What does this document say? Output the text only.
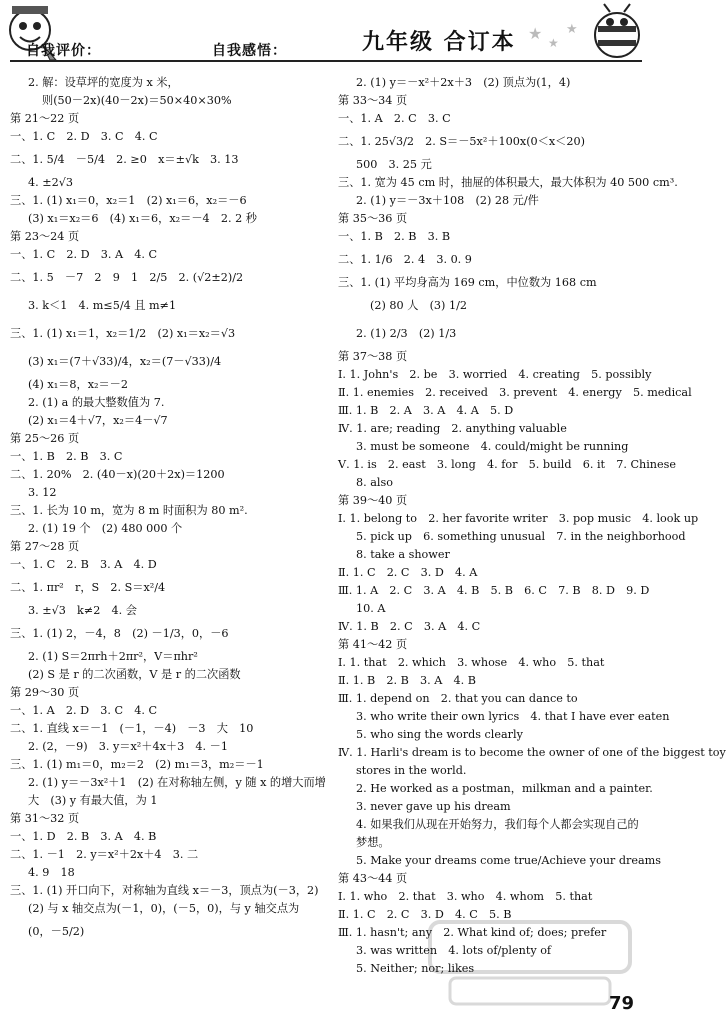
自我评价：	自我感悟：	九年级 合订本 ★ ★
★
2. 解：设草坪的宽度为 x 米，
则(50－2x)(40－2x)＝50×40×30%
第 21～22 页
一、1. C　2. D　3. C　4. C
二、1. 5/4　－5/4　2. ≥0　x＝±√k　3. 13
4. ±2√3
三、1. (1) x₁＝0，x₂＝1　(2) x₁＝6，x₂＝－6
(3) x₁＝x₂＝6　(4) x₁＝6，x₂＝－4　2. 2 秒
第 23～24 页
一、1. C　2. D　3. A　4. C
二、1. 5　－7　2　9　1　2/5　2. (√2±2)/2
3. k＜1　4. m≤5/4 且 m≠1
三、1. (1) x₁＝1，x₂＝1/2　(2) x₁＝x₂＝√3
(3) x₁＝(7＋√33)/4，x₂＝(7－√33)/4
(4) x₁＝8，x₂＝－2
2. (1) a 的最大整数值为 7.
(2) x₁＝4＋√7，x₂＝4－√7
第 25～26 页
一、1. B　2. B　3. C
二、1. 20%　2. (40－x)(20＋2x)＝1200
3. 12
三、1. 长为 10 m，宽为 8 m 时面积为 80 m².
2. (1) 19 个　(2) 480 000 个
第 27～28 页
一、1. C　2. B　3. A　4. D
二、1. πr²　r，S　2. S＝x²/4
3. ±√3　k≠2　4. 会
三、1. (1) 2，－4，8　(2) －1/3，0，－6
2. (1) S＝2πrh＋2πr²，V＝πhr²
(2) S 是 r 的二次函数，V 是 r 的二次函数
第 29～30 页
一、1. A　2. D　3. C　4. C
二、1. 直线 x＝－1　(－1，－4)　－3　大　10
2. (2，－9)　3. y＝x²＋4x＋3　4. －1
三、1. (1) m₁＝0，m₂＝2　(2) m₁＝3，m₂＝－1
2. (1) y＝－3x²＋1　(2) 在对称轴左侧，y 随 x 的增大而增
大　(3) y 有最大值，为 1
第 31～32 页
一、1. D　2. B　3. A　4. B
二、1. －1　2. y＝x²＋2x＋4　3. 二
4. 9　18
三、1. (1) 开口向下，对称轴为直线 x＝－3，顶点为(－3，2)
(2) 与 x 轴交点为(－1，0)，(－5，0)，与 y 轴交点为
(0，－5/2)
2. (1) y＝－x²＋2x＋3　(2) 顶点为(1，4)
第 33～34 页
一、1. A　2. C　3. C
二、1. 25√3/2　2. S＝－5x²＋100x(0＜x＜20)
500　3. 25 元
三、1. 宽为 45 cm 时，抽屉的体积最大，最大体积为 40 500 cm³.
2. (1) y＝－3x＋108　(2) 28 元/件
第 35～36 页
一、1. B　2. B　3. B
二、1. 1/6　2. 4　3. 0. 9
三、1. (1) 平均身高为 169 cm，中位数为 168 cm
(2) 80 人　(3) 1/2
2. (1) 2/3　(2) 1/3
第 37～38 页
Ⅰ. 1. John's　2. be　3. worried　4. creating　5. possibly
Ⅱ. 1. enemies　2. received　3. prevent　4. energy　5. medical
Ⅲ. 1. B　2. A　3. A　4. A　5. D
Ⅳ. 1. are; reading　2. anything valuable
3. must be someone　4. could/might be running
Ⅴ. 1. is　2. east　3. long　4. for　5. build　6. it　7. Chinese
8. also
第 39～40 页
Ⅰ. 1. belong to　2. her favorite writer　3. pop music　4. look up
5. pick up　6. something unusual　7. in the neighborhood
8. take a shower
Ⅱ. 1. C　2. C　3. D　4. A
Ⅲ. 1. A　2. C　3. A　4. B　5. B　6. C　7. B　8. D　9. D
10. A
Ⅳ. 1. B　2. C　3. A　4. C
第 41～42 页
Ⅰ. 1. that　2. which　3. whose　4. who　5. that
Ⅱ. 1. B　2. B　3. A　4. B
Ⅲ. 1. depend on　2. that you can dance to
3. who write their own lyrics　4. that I have ever eaten
5. who sing the words clearly
Ⅳ. 1. Harli's dream is to become the owner of one of the biggest toy
stores in the world.
2. He worked as a postman，milkman and a painter.
3. never gave up his dream
4. 如果我们从现在开始努力，我们每个人都会实现自己的
梦想。
5. Make your dreams come true/Achieve your dreams
第 43～44 页
Ⅰ. 1. who　2. that　3. who　4. whom　5. that
Ⅱ. 1. C　2. C　3. D　4. C　5. B
Ⅲ. 1. hasn't; any　2. What kind of; does; prefer
3. was written　4. lots of/plenty of
5. Neither; nor; likes
79
